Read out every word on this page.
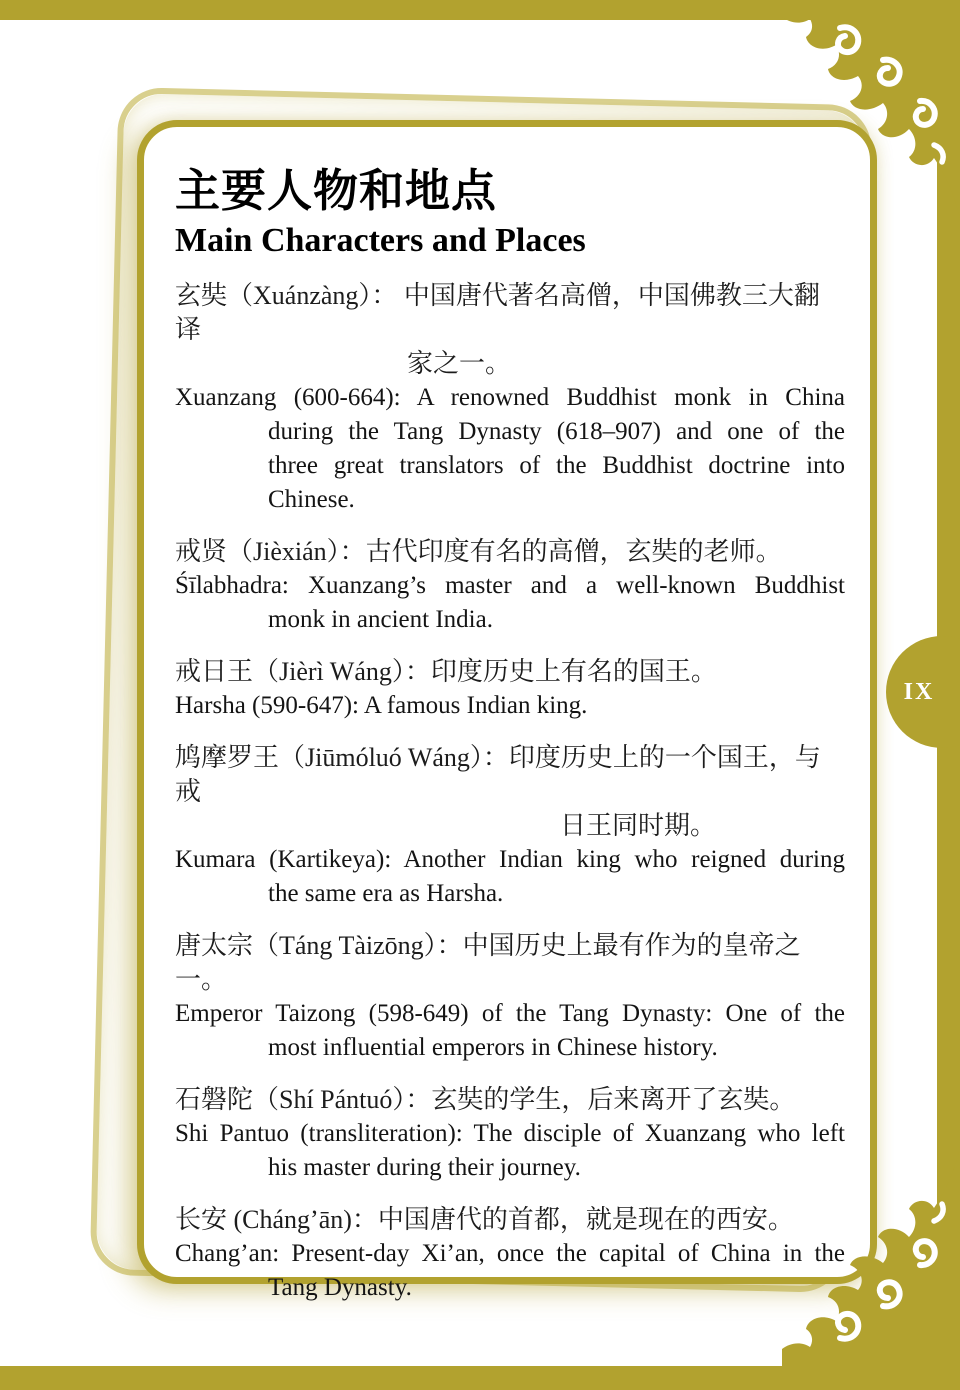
IX
主要人物和地点
Main Characters and Places
玄奘（Xuánzàng）： 中国唐代著名高僧，中国佛教三大翻译
家之一。
Xuanzang (600-664): A renowned Buddhist monk in China
during the Tang Dynasty (618–907) and one of the
three great translators of the Buddhist doctrine into
Chinese.
戒贤（Jièxián）：古代印度有名的高僧，玄奘的老师。
Śīlabhadra: Xuanzang’s master and a well-known Buddhist
monk in ancient India.
戒日王（Jièrì Wáng）：印度历史上有名的国王。
Harsha (590-647): A famous Indian king.
鸠摩罗王（Jiūmóluó Wáng）：印度历史上的一个国王，与戒
日王同时期。
Kumara (Kartikeya): Another Indian king who reigned during
the same era as Harsha.
唐太宗（Táng Tàizōng）：中国历史上最有作为的皇帝之一。
Emperor Taizong (598-649) of the Tang Dynasty: One of the
most influential emperors in Chinese history.
石磐陀（Shí Pántuó）：玄奘的学生，后来离开了玄奘。
Shi Pantuo (transliteration): The disciple of Xuanzang who left
his master during their journey.
长安 (Cháng’ān)：中国唐代的首都，就是现在的西安。
Chang’an: Present-day Xi’an, once the capital of China in the
Tang Dynasty.
